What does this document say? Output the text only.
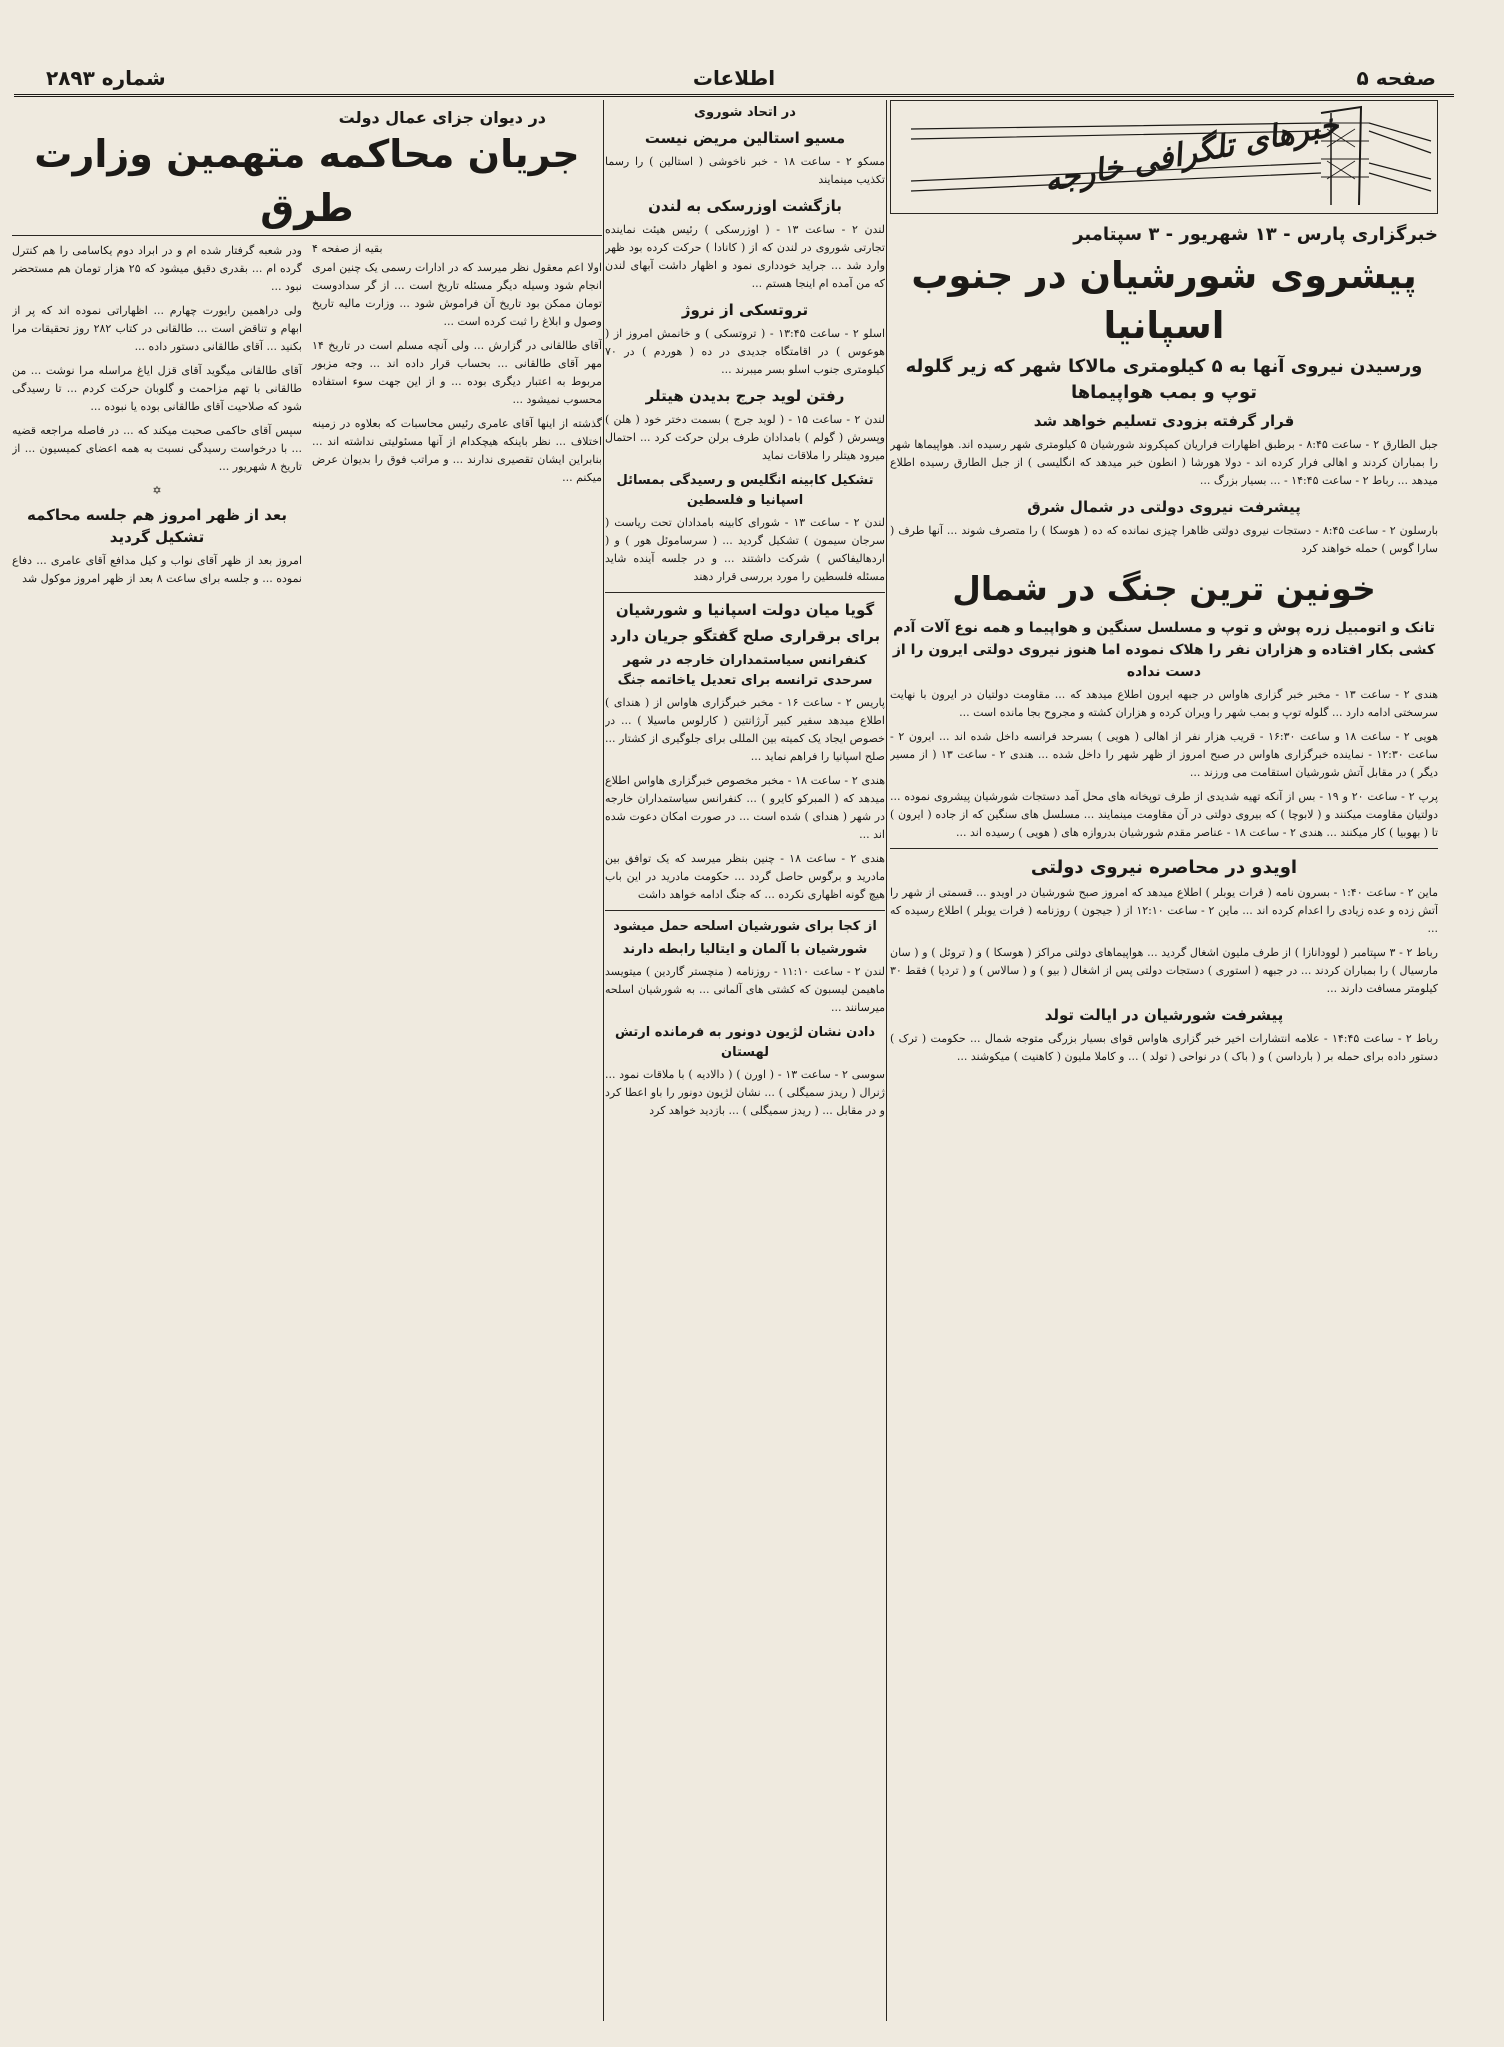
صفحه ۵
اطلاعات
شماره ۲۸۹۳
خبرهای تلگرافی خارجه
خبرگزاری پارس - ۱۳ شهریور - ۳ سپتامبر
پیشروی شورشیان در جنوب اسپانیا
ورسیدن نیروی آنها به ۵ کیلومتری مالاکا شهر که زیر گلوله توپ و بمب هواپیماها
قرار گرفته بزودی تسلیم خواهد شد

جبل الطارق ۲ - ساعت ۸:۴۵ - برطبق اظهارات فراریان کمپکروند شورشیان ۵ کیلومتری شهر رسیده اند. هواپیماها شهر را بمباران کردند و اهالی فرار کرده اند - دولا هورشا ( انطون خبر میدهد که انگلیسی ) از جبل الطارق رسیده اطلاع میدهد ... رباط ۲ - ساعت ۱۴:۴۵ - ... بسیار بزرگ ...

پیشرفت نیروی دولتی در شمال شرق

بارسلون ۲ - ساعت ۸:۴۵ - دستجات نیروی دولتی ظاهرا چیزی نمانده که ده ( هوسکا ) را متصرف شوند ... آنها طرف ( سارا گوس ) حمله خواهند کرد

خونین ترین جنگ در شمال
تانک و اتومبیل زره پوش و توپ و مسلسل سنگین و هواپیما و همه نوع آلات آدم کشی بکار افتاده و هزاران نفر را هلاک نموده اما هنوز نیروی دولتی ایرون را از دست نداده

هندی ۲ - ساعت ۱۳ - مخبر خبر گزاری هاواس در جبهه ایرون اطلاع میدهد که ... مقاومت دولتیان در ایرون با نهایت سرسختی ادامه دارد ... گلوله توپ و بمب شهر را ویران کرده و هزاران کشته و مجروح بجا مانده است ...

هویی ۲ - ساعت ۱۸ و ساعت ۱۶:۳۰ - قریب هزار نفر از اهالی ( هویی ) بسرحد فرانسه داخل شده اند ... ایرون ۲ - ساعت ۱۲:۳۰ - نماینده خبرگزاری هاواس در صبح امروز از ظهر شهر را داخل شده ... هندی ۲ - ساعت ۱۳ ( از مسیر دیگر ) در مقابل آتش شورشیان استقامت می ورزند ...

پرپ ۲ - ساعت ۲۰ و ۱۹ - بس از آنکه تهیه شدیدی از طرف توپخانه های محل آمد دستجات شورشیان پیشروی نموده ... دولتیان مقاومت میکنند و ( لابوچا ) که بیروی دولتی در آن مقاومت مینمایند ... مسلسل های سنگین که از جاده ( ایرون ) تا ( بهوبیا ) کار میکنند ... هندی ۲ - ساعت ۱۸ - عناصر مقدم شورشیان بدروازه های ( هویی ) رسیده اند ...

اویدو در محاصره نیروی دولتی

ماین ۲ - ساعت ۱:۴۰ - بسرون نامه ( فرات یوبلر ) اطلاع میدهد که امروز صبح شورشیان در اویدو ... قسمتی از شهر را آتش زده و عده زیادی را اعدام کرده اند ... ماین ۲ - ساعت ۱۲:۱۰ از ( جیجون ) روزنامه ( فرات یوبلر ) اطلاع رسیده که ...

رباط ۲ - ۳ سپتامبر ( لوودانازا ) از طرف ملیون اشغال گردید ... هواپیماهای دولتی مراکز ( هوسکا ) و ( تروئل ) و ( سان مارسیال ) را بمباران کردند ... در جبهه ( استوری ) دستجات دولتی پس از اشغال ( بیو ) و ( سالاس ) و ( تردیا ) فقط ۳۰ کیلومتر مسافت دارند ...

پیشرفت شورشیان در ایالت تولد

رباط ۲ - ساعت ۱۴:۴۵ - علامه انتشارات اخیر خبر گزاری هاواس قوای بسیار بزرگی متوجه شمال ... حکومت ( ترک ) دستور داده برای حمله بر ( بارداسن ) و ( باک ) در نواحی ( تولد ) ... و کاملا ملیون ( کاهنیت ) میکوشند ...

در اتحاد شوروی
مسیو استالین مریض نیست

مسکو ۲ - ساعت ۱۸ - خبر ناخوشی ( استالین ) را رسما تکذیب مینمایند

بازگشت اوزرسکی به لندن

لندن ۲ - ساعت ۱۳ - ( اوزرسکی ) رئیس هیئت نماینده تجارتی شوروی در لندن که از ( کانادا ) حرکت کرده بود ظهر وارد شد ... جراید خودداری نمود و اظهار داشت آبهای لندن که من آمده ام اینجا هستم ...

تروتسکی از نروژ

اسلو ۲ - ساعت ۱۳:۴۵ - ( تروتسکی ) و خانمش امروز از ( هوعوس ) در اقامتگاه جدیدی در ده ( هوردم ) در ۷۰ کیلومتری جنوب اسلو بسر میبرند ...

رفتن لوید جرج بدیدن هیتلر

لندن ۲ - ساعت ۱۵ - ( لوید جرج ) بسمت دختر خود ( هلن ) وپسرش ( گولم ) بامدادان طرف برلن حرکت کرد ... احتمال میرود هیتلر را ملاقات نماید

تشکیل کابینه انگلیس و رسیدگی بمسائل اسپانیا و فلسطین

لندن ۲ - ساعت ۱۳ - شورای کابینه بامدادان تحت ریاست ( سرجان سیمون ) تشکیل گردید ... ( سرساموئل هور ) و ( اردهالیفاکس ) شرکت داشتند ... و در جلسه آینده شاید مسئله فلسطین را مورد بررسی قرار دهند

گویا میان دولت اسپانیا و شورشیان
برای برقراری صلح گفتگو جریان دارد
کنفرانس سیاستمداران خارجه در شهر سرحدی ترانسه برای تعدیل یاخاتمه جنگ

پاریس ۲ - ساعت ۱۶ - مخبر خبرگزاری هاواس از ( هندای ) اطلاع میدهد سفیر کبیر آرژانتین ( کارلوس ماسیلا ) ... در خصوص ایجاد یک کمیته بین المللی برای جلوگیری از کشتار ... صلح اسپانیا را فراهم نماید ...

هندی ۲ - ساعت ۱۸ - مخبر مخصوص خبرگزاری هاواس اطلاع میدهد که ( المبرکو کایرو ) ... کنفرانس سیاستمداران خارجه در شهر ( هندای ) شده است ... در صورت امکان دعوت شده اند ...

هندی ۲ - ساعت ۱۸ - چنین بنظر میرسد که یک توافق بین مادرید و برگوس حاصل گردد ... حکومت مادرید در این باب هیچ گونه اظهاری نکرده ... که جنگ ادامه خواهد داشت

از کجا برای شورشیان اسلحه حمل میشود
شورشیان با آلمان و ایتالیا رابطه دارند

لندن ۲ - ساعت ۱۱:۱۰ - روزنامه ( منچستر گاردین ) میتویسد ماهیمن لیسبون که کشتی های آلمانی ... به شورشیان اسلحه میرسانند ...

دادن نشان لژیون دونور به فرمانده ارتش لهستان

سوسی ۲ - ساعت ۱۳ - ( اورن ) ( دالادیه ) با ملاقات نمود ... ژنرال ( ریدز سمیگلی ) ... نشان لژیون دونور را باو اعطا کرد و در مقابل ... ( ریدز سمیگلی ) ... بازدید خواهد کرد

در دیوان جزای عمال دولت
جریان محاکمه متهمین وزارت طرق
بقیه از صفحه ۴

اولا اعم معقول نظر میرسد که در ادارات رسمی یک چنین امری انجام شود وسیله دیگر مسئله تاریخ است ... از گر سدادوست تومان ممکن بود تاریخ آن فراموش شود ... وزارت مالیه تاریخ وصول و ابلاغ را ثبت کرده است ...

آقای طالقانی در گزارش ... ولی آنچه مسلم است در تاریخ ۱۴ مهر آقای طالقانی ... بحساب قرار داده اند ... وجه مزبور مربوط به اعتبار دیگری بوده ... و از این جهت سوء استفاده محسوب نمیشود ...

گذشته از اینها آقای عامری رئیس محاسبات که بعلاوه در زمینه اختلاف ... نظر باینکه هیچکدام از آنها مسئولیتی نداشته اند ... بنابراین ایشان تقصیری ندارند ... و مراتب فوق را بدیوان عرض میکنم ...

ودر شعبه گرفتار شده ام و در ابراد دوم یکاسامی را هم کنترل گرده ام ... بقدری دقیق میشود که ۲۵ هزار تومان هم مستحضر نبود ...

ولی دراهمین رایورت چهارم ... اظهاراتی نموده اند که پر از ابهام و تناقض است ... طالقانی در کتاب ۲۸۲ روز تحقیقات مرا بکنید ... آقای طالقانی دستور داده ...

آقای طالقانی میگوید آقای قزل ایاغ مراسله مرا نوشت ... من طالقانی با تهم مزاحمت و گلوبان حرکت کردم ... تا رسیدگی شود که صلاحیت آقای طالقانی بوده یا نبوده ...

سپس آقای حاکمی صحبت میکند که ... در فاصله مراجعه قضیه ... با درخواست رسیدگی نسبت به همه اعضای کمیسیون ... از تاریخ ۸ شهریور ...

✡
بعد از ظهر امروز هم جلسه محاکمه تشکیل گردید

امروز بعد از ظهر آقای نواب و کیل مدافع آقای عامری ... دفاع نموده ... و جلسه برای ساعت ۸ بعد از ظهر امروز موکول شد
